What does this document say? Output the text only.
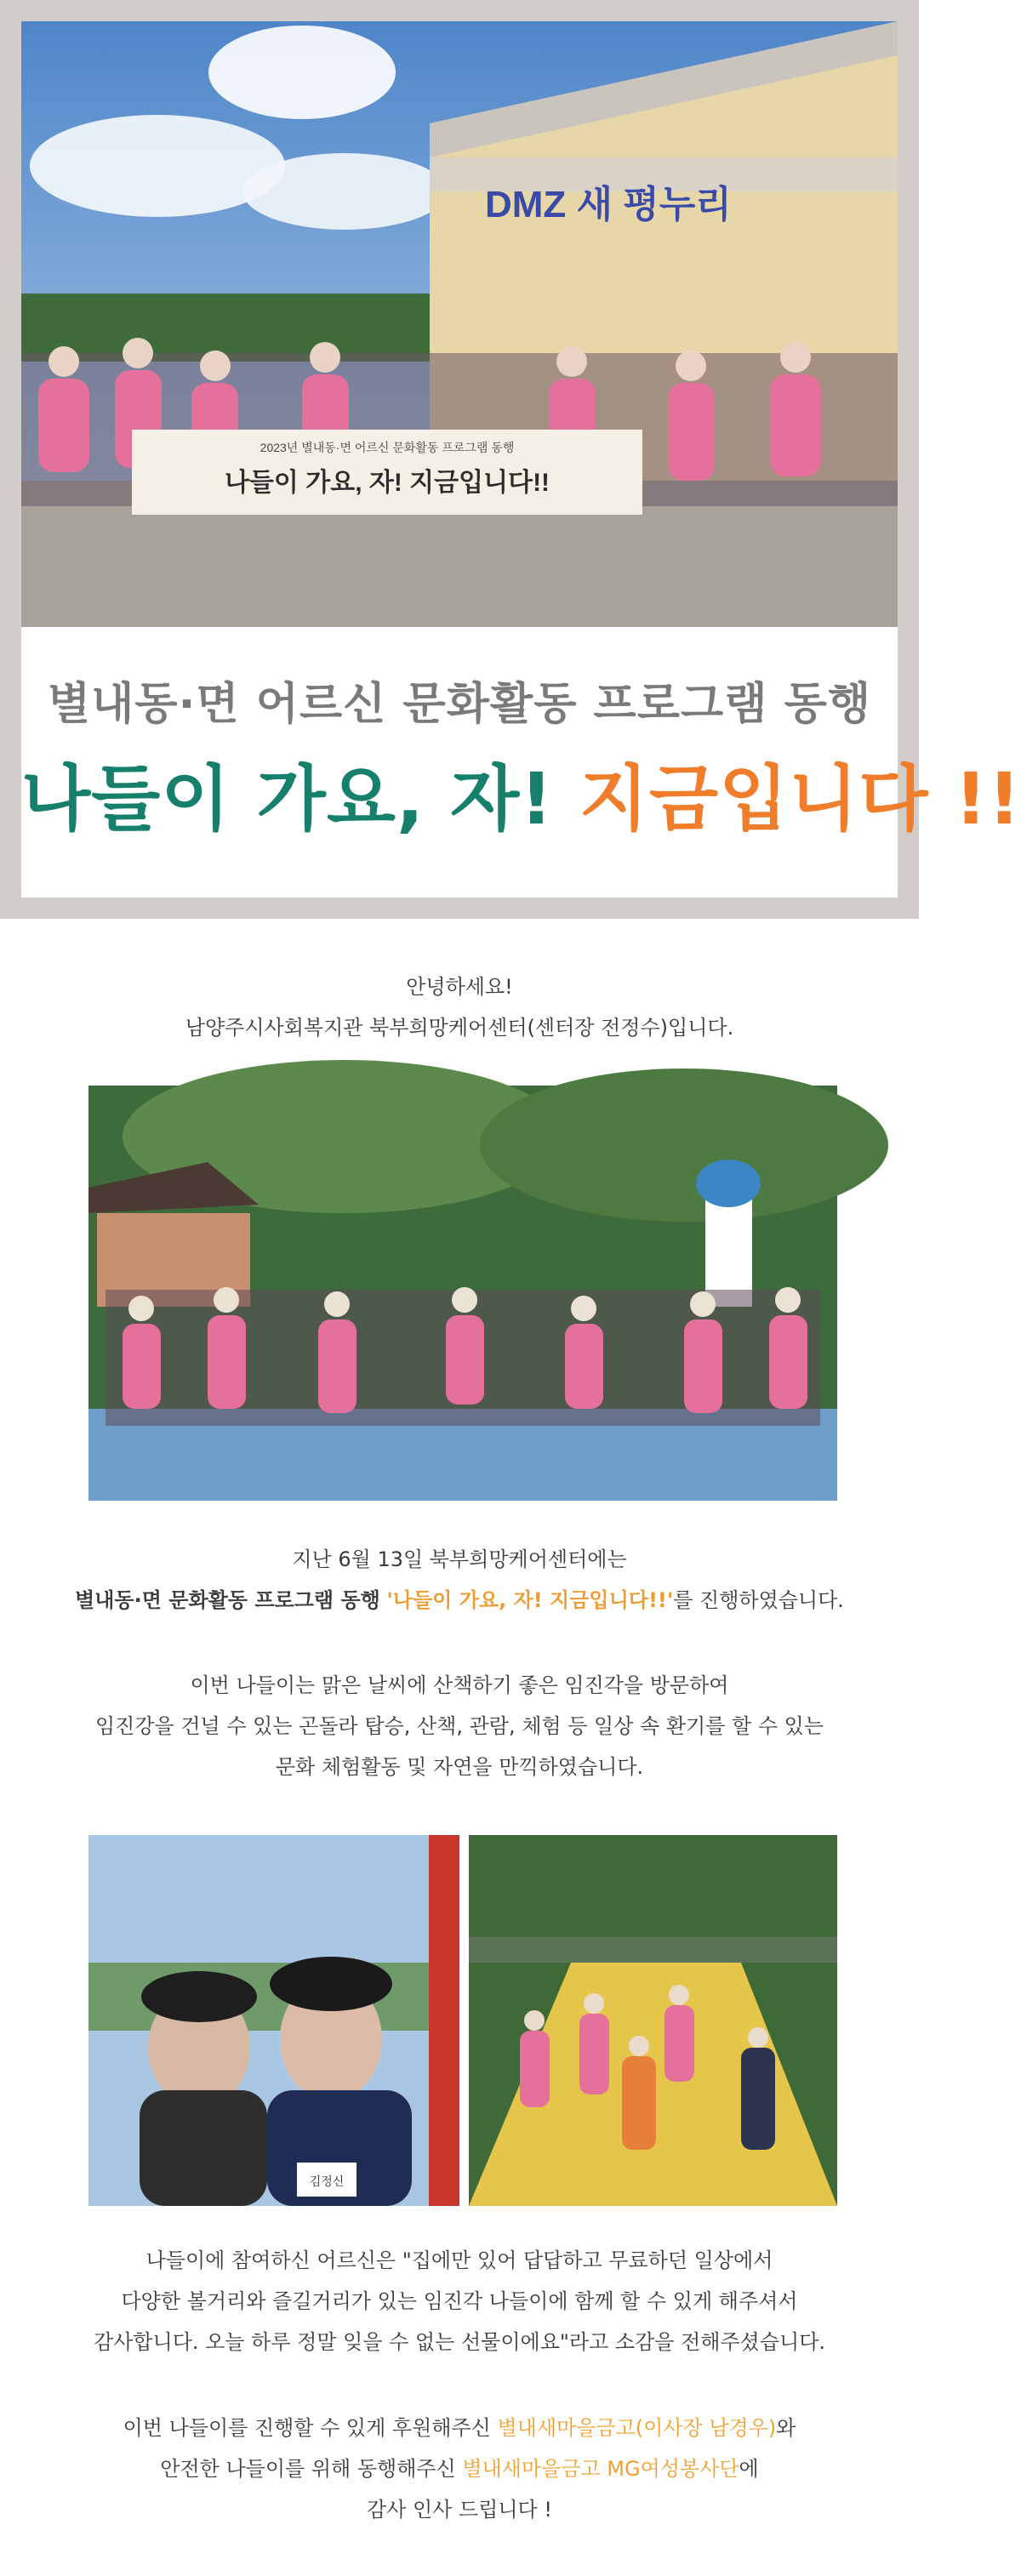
DMZ 새 평누리
2023년 별내동·면 어르신 문화활동 프로그램 동행
나들이 가요, 자! 지금입니다!!
별내동·면 어르신 문화활동 프로그램 동행
나들이 가요, 자! 지금입니다 !!
안녕하세요!
남양주시사회복지관 북부희망케어센터(센터장 전정수)입니다.
지난 6월 13일 북부희망케어센터에는
별내동·면 문화활동 프로그램 동행 '나들이 가요, 자! 지금입니다!!'를 진행하였습니다.
이번 나들이는 맑은 날씨에 산책하기 좋은 임진각을 방문하여
임진강을 건널 수 있는 곤돌라 탑승, 산책, 관람, 체험 등 일상 속 환기를 할 수 있는
문화 체험활동 및 자연을 만끽하였습니다.
김정신
나들이에 참여하신 어르신은 "집에만 있어 답답하고 무료하던 일상에서
다양한 볼거리와 즐길거리가 있는 임진각 나들이에 함께 할 수 있게 해주셔서
감사합니다. 오늘 하루 정말 잊을 수 없는 선물이에요"라고 소감을 전해주셨습니다.
이번 나들이를 진행할 수 있게 후원해주신 별내새마을금고(이사장 남경우)와
안전한 나들이를 위해 동행해주신 별내새마을금고 MG여성봉사단에
감사 인사 드립니다 !
